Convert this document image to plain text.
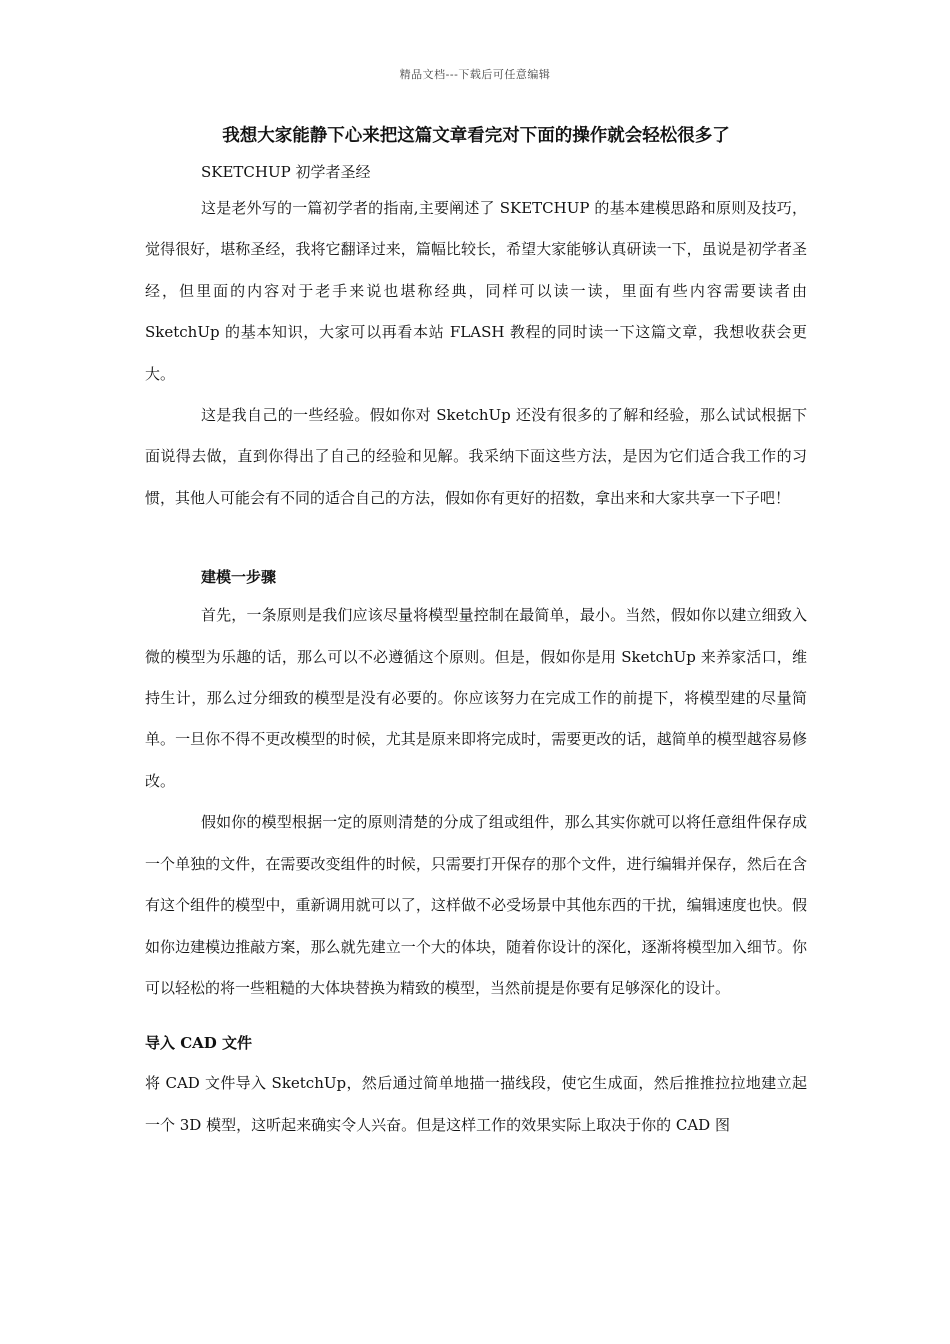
精品文档---下载后可任意编辑
我想大家能静下心来把这篇文章看完对下面的操作就会轻松很多了
SKETCHUP 初学者圣经

这是老外写的一篇初学者的指南,主要阐述了 SKETCHUP 的基本建模思路和原则及技巧，觉得很好，堪称圣经，我将它翻译过来，篇幅比较长，希望大家能够认真研读一下，虽说是初学者圣经，但里面的内容对于老手来说也堪称经典，同样可以读一读，里面有些内容需要读者由 SketchUp 的基本知识，大家可以再看本站 FLASH 教程的同时读一下这篇文章，我想收获会更大。

这是我自己的一些经验。假如你对 SketchUp 还没有很多的了解和经验，那么试试根据下面说得去做，直到你得出了自己的经验和见解。我采纳下面这些方法，是因为它们适合我工作的习惯，其他人可能会有不同的适合自己的方法，假如你有更好的招数，拿出来和大家共享一下子吧！

建模一步骤

首先，一条原则是我们应该尽量将模型量控制在最简单，最小。当然，假如你以建立细致入微的模型为乐趣的话，那么可以不必遵循这个原则。但是，假如你是用 SketchUp 来养家活口，维持生计，那么过分细致的模型是没有必要的。你应该努力在完成工作的前提下，将模型建的尽量简单。一旦你不得不更改模型的时候，尤其是原来即将完成时，需要更改的话，越简单的模型越容易修改。

假如你的模型根据一定的原则清楚的分成了组或组件，那么其实你就可以将任意组件保存成一个单独的文件，在需要改变组件的时候，只需要打开保存的那个文件，进行编辑并保存，然后在含有这个组件的模型中，重新调用就可以了，这样做不必受场景中其他东西的干扰，编辑速度也快。假如你边建模边推敲方案，那么就先建立一个大的体块，随着你设计的深化，逐渐将模型加入细节。你可以轻松的将一些粗糙的大体块替换为精致的模型，当然前提是你要有足够深化的设计。

导入 CAD 文件

将 CAD 文件导入 SketchUp，然后通过简单地描一描线段，使它生成面，然后推推拉拉地建立起一个 3D 模型，这听起来确实令人兴奋。但是这样工作的效果实际上取决于你的 CAD 图
